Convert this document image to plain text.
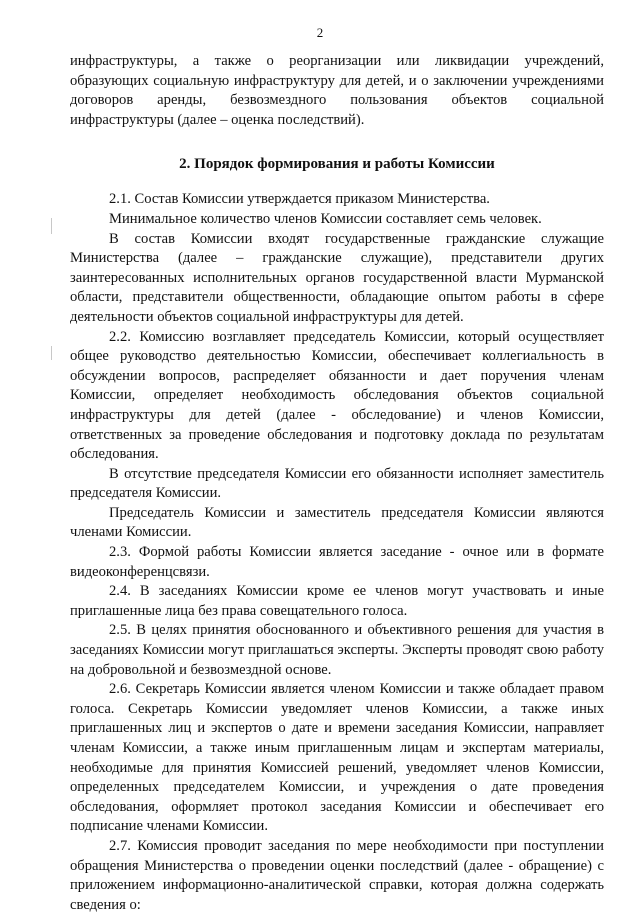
2

инфраструктуры, а также о реорганизации или ликвидации учреждений, образующих социальную инфраструктуру для детей, и о заключении учреждениями договоров аренды, безвозмездного пользования объектов социальной инфраструктуры (далее – оценка последствий).

2. Порядок формирования и работы Комиссии

2.1. Состав Комиссии утверждается приказом Министерства.

Минимальное количество членов Комиссии составляет семь человек.

В состав Комиссии входят государственные гражданские служащие Министерства (далее – гражданские служащие), представители других заинтересованных исполнительных органов государственной власти Мурманской области, представители общественности, обладающие опытом работы в сфере деятельности объектов социальной инфраструктуры для детей.

2.2. Комиссию возглавляет председатель Комиссии, который осуществляет общее руководство деятельностью Комиссии, обеспечивает коллегиальность в обсуждении вопросов, распределяет обязанности и дает поручения членам Комиссии, определяет необходимость обследования объектов социальной инфраструктуры для детей (далее - обследование) и членов Комиссии, ответственных за проведение обследования и подготовку доклада по результатам обследования.

В отсутствие председателя Комиссии его обязанности исполняет заместитель председателя Комиссии.

Председатель Комиссии и заместитель председателя Комиссии являются членами Комиссии.

2.3. Формой работы Комиссии является заседание - очное или в формате видеоконференцсвязи.

2.4. В заседаниях Комиссии кроме ее членов могут участвовать и иные приглашенные лица без права совещательного голоса.

2.5. В целях принятия обоснованного и объективного решения для участия в заседаниях Комиссии могут приглашаться эксперты. Эксперты проводят свою работу на добровольной и безвозмездной основе.

2.6. Секретарь Комиссии является членом Комиссии и также обладает правом голоса. Секретарь Комиссии уведомляет членов Комиссии, а также иных приглашенных лиц и экспертов о дате и времени заседания Комиссии, направляет членам Комиссии, а также иным приглашенным лицам и экспертам материалы, необходимые для принятия Комиссией решений, уведомляет членов Комиссии, определенных председателем Комиссии, и учреждения о дате проведения обследования, оформляет протокол заседания Комиссии и обеспечивает его подписание членами Комиссии.

2.7. Комиссия проводит заседания по мере необходимости при поступлении обращения Министерства о проведении оценки последствий (далее - обращение) с приложением информационно-аналитической справки, которая должна содержать сведения о:
